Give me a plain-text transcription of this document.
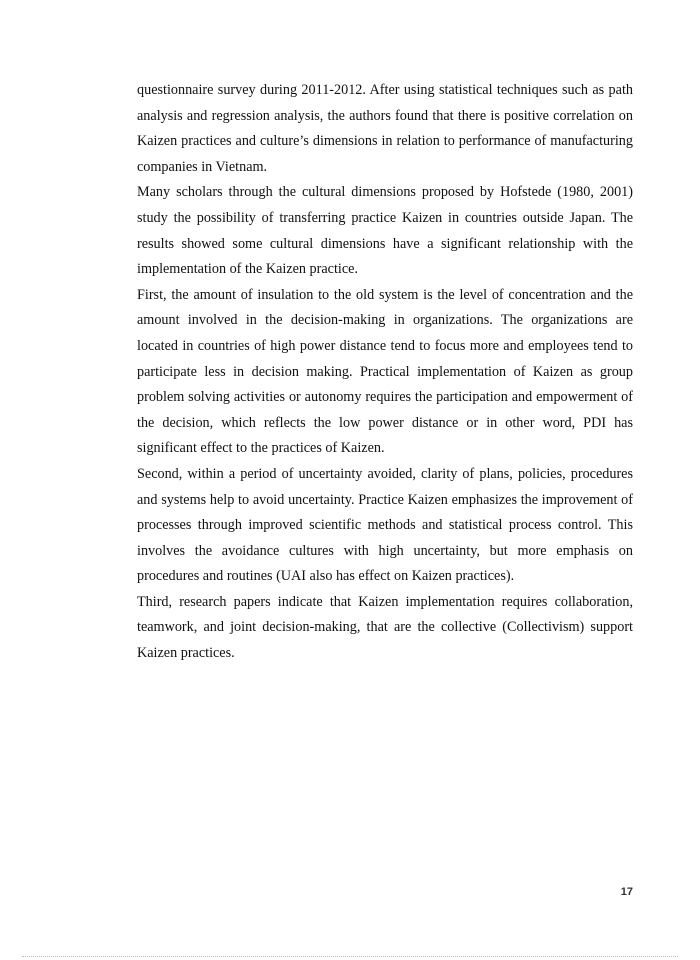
questionnaire survey during 2011-2012. After using statistical techniques such as path analysis and regression analysis, the authors found that there is positive correlation on Kaizen practices and culture’s dimensions in relation to performance of manufacturing companies in Vietnam.

Many scholars through the cultural dimensions proposed by Hofstede (1980, 2001) study the possibility of transferring practice Kaizen in countries outside Japan. The results showed some cultural dimensions have a significant relationship with the implementation of the Kaizen practice.

First, the amount of insulation to the old system is the level of concentration and the amount involved in the decision-making in organizations. The organizations are located in countries of high power distance tend to focus more and employees tend to participate less in decision making. Practical implementation of Kaizen as group problem solving activities or autonomy requires the participation and empowerment of the decision, which reflects the low power distance or in other word, PDI has significant effect to the practices of Kaizen.

Second, within a period of uncertainty avoided, clarity of plans, policies, procedures and systems help to avoid uncertainty. Practice Kaizen emphasizes the improvement of processes through improved scientific methods and statistical process control. This involves the avoidance cultures with high uncertainty, but more emphasis on procedures and routines (UAI also has effect on Kaizen practices).

Third, research papers indicate that Kaizen implementation requires collaboration, teamwork, and joint decision-making, that are the collective (Collectivism) support Kaizen practices.

17
